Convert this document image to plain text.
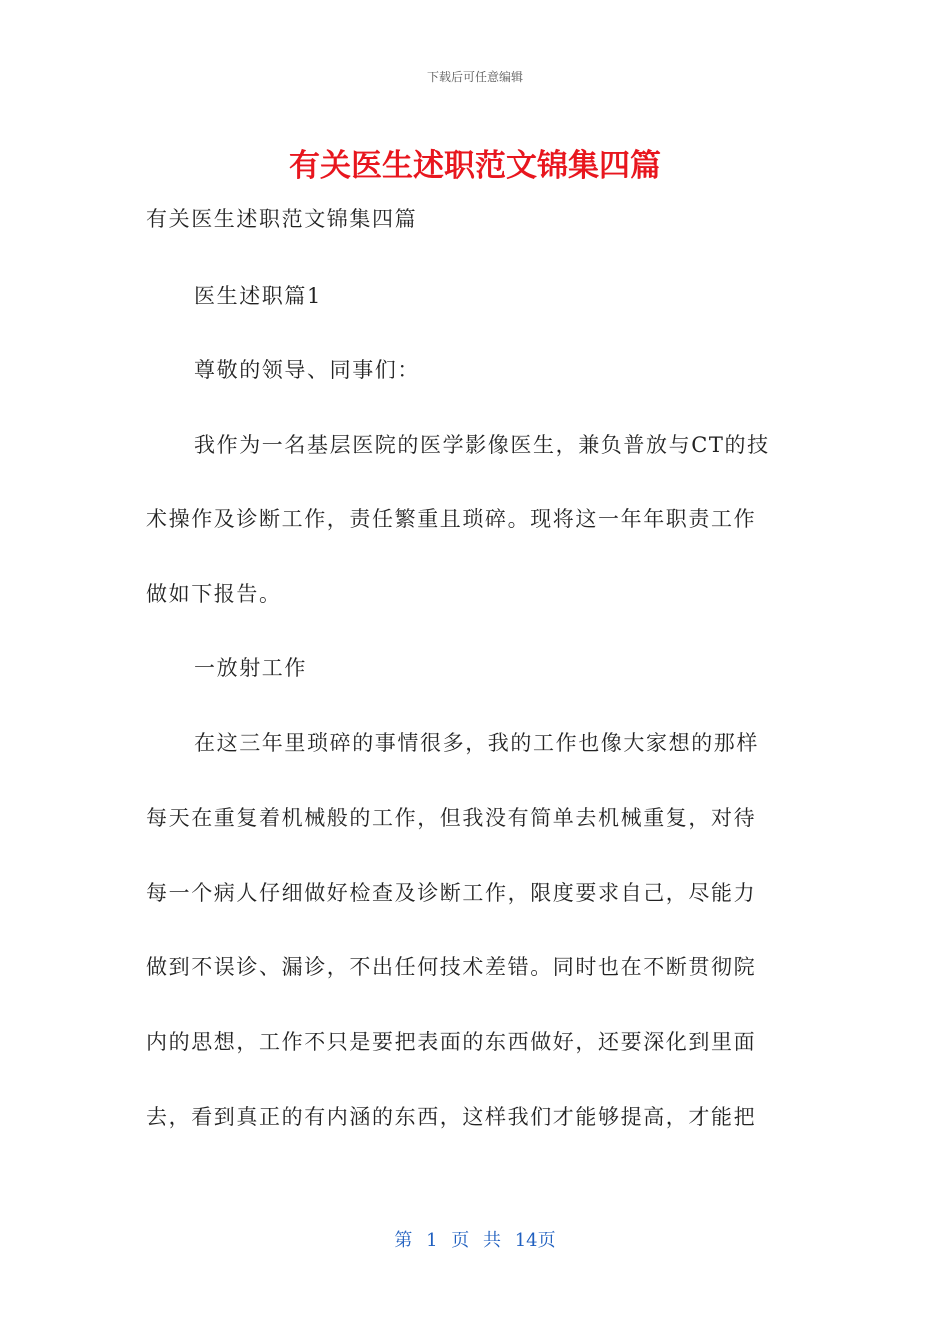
下载后可任意编辑
有关医生述职范文锦集四篇
有关医生述职范文锦集四篇
医生述职篇1
尊敬的领导、同事们：
我作为一名基层医院的医学影像医生，兼负普放与CT的技
术操作及诊断工作，责任繁重且琐碎。现将这一年年职责工作
做如下报告。
一放射工作
在这三年里琐碎的事情很多，我的工作也像大家想的那样
每天在重复着机械般的工作，但我没有简单去机械重复，对待
每一个病人仔细做好检查及诊断工作，限度要求自己，尽能力
做到不误诊、漏诊，不出任何技术差错。同时也在不断贯彻院
内的思想，工作不只是要把表面的东西做好，还要深化到里面
去，看到真正的有内涵的东西，这样我们才能够提高，才能把
第 1 页 共 14页
